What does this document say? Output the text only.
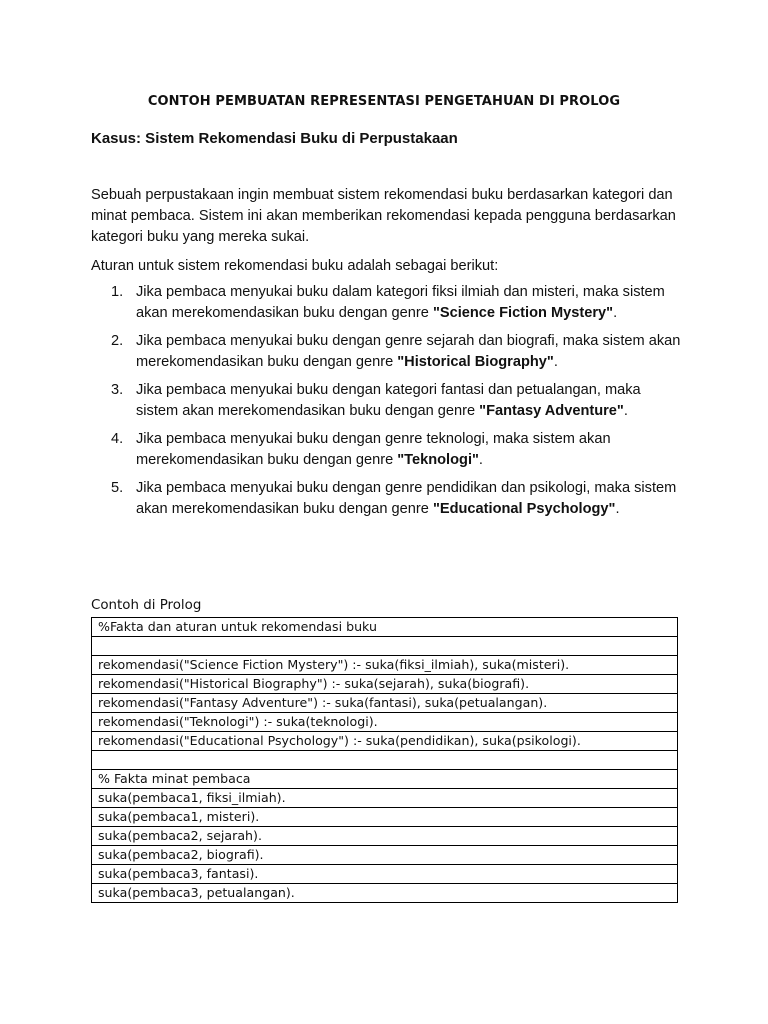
CONTOH PEMBUATAN REPRESENTASI PENGETAHUAN DI PROLOG
Kasus: Sistem Rekomendasi Buku di Perpustakaan
Sebuah perpustakaan ingin membuat sistem rekomendasi buku berdasarkan kategori dan minat pembaca. Sistem ini akan memberikan rekomendasi kepada pengguna berdasarkan kategori buku yang mereka sukai.
Aturan untuk sistem rekomendasi buku adalah sebagai berikut:
1. Jika pembaca menyukai buku dalam kategori fiksi ilmiah dan misteri, maka sistem akan merekomendasikan buku dengan genre "Science Fiction Mystery".
2. Jika pembaca menyukai buku dengan genre sejarah dan biografi, maka sistem akan merekomendasikan buku dengan genre "Historical Biography".
3. Jika pembaca menyukai buku dengan kategori fantasi dan petualangan, maka sistem akan merekomendasikan buku dengan genre "Fantasy Adventure".
4. Jika pembaca menyukai buku dengan genre teknologi, maka sistem akan merekomendasikan buku dengan genre "Teknologi".
5. Jika pembaca menyukai buku dengan genre pendidikan dan psikologi, maka sistem akan merekomendasikan buku dengan genre "Educational Psychology".
Contoh di Prolog
%Fakta dan aturan untuk rekomendasi buku

rekomendasi("Science Fiction Mystery") :- suka(fiksi_ilmiah), suka(misteri).
rekomendasi("Historical Biography") :- suka(sejarah), suka(biografi).
rekomendasi("Fantasy Adventure") :- suka(fantasi), suka(petualangan).
rekomendasi("Teknologi") :- suka(teknologi).
rekomendasi("Educational Psychology") :- suka(pendidikan), suka(psikologi).

% Fakta minat pembaca
suka(pembaca1, fiksi_ilmiah).
suka(pembaca1, misteri).
suka(pembaca2, sejarah).
suka(pembaca2, biografi).
suka(pembaca3, fantasi).
suka(pembaca3, petualangan).
